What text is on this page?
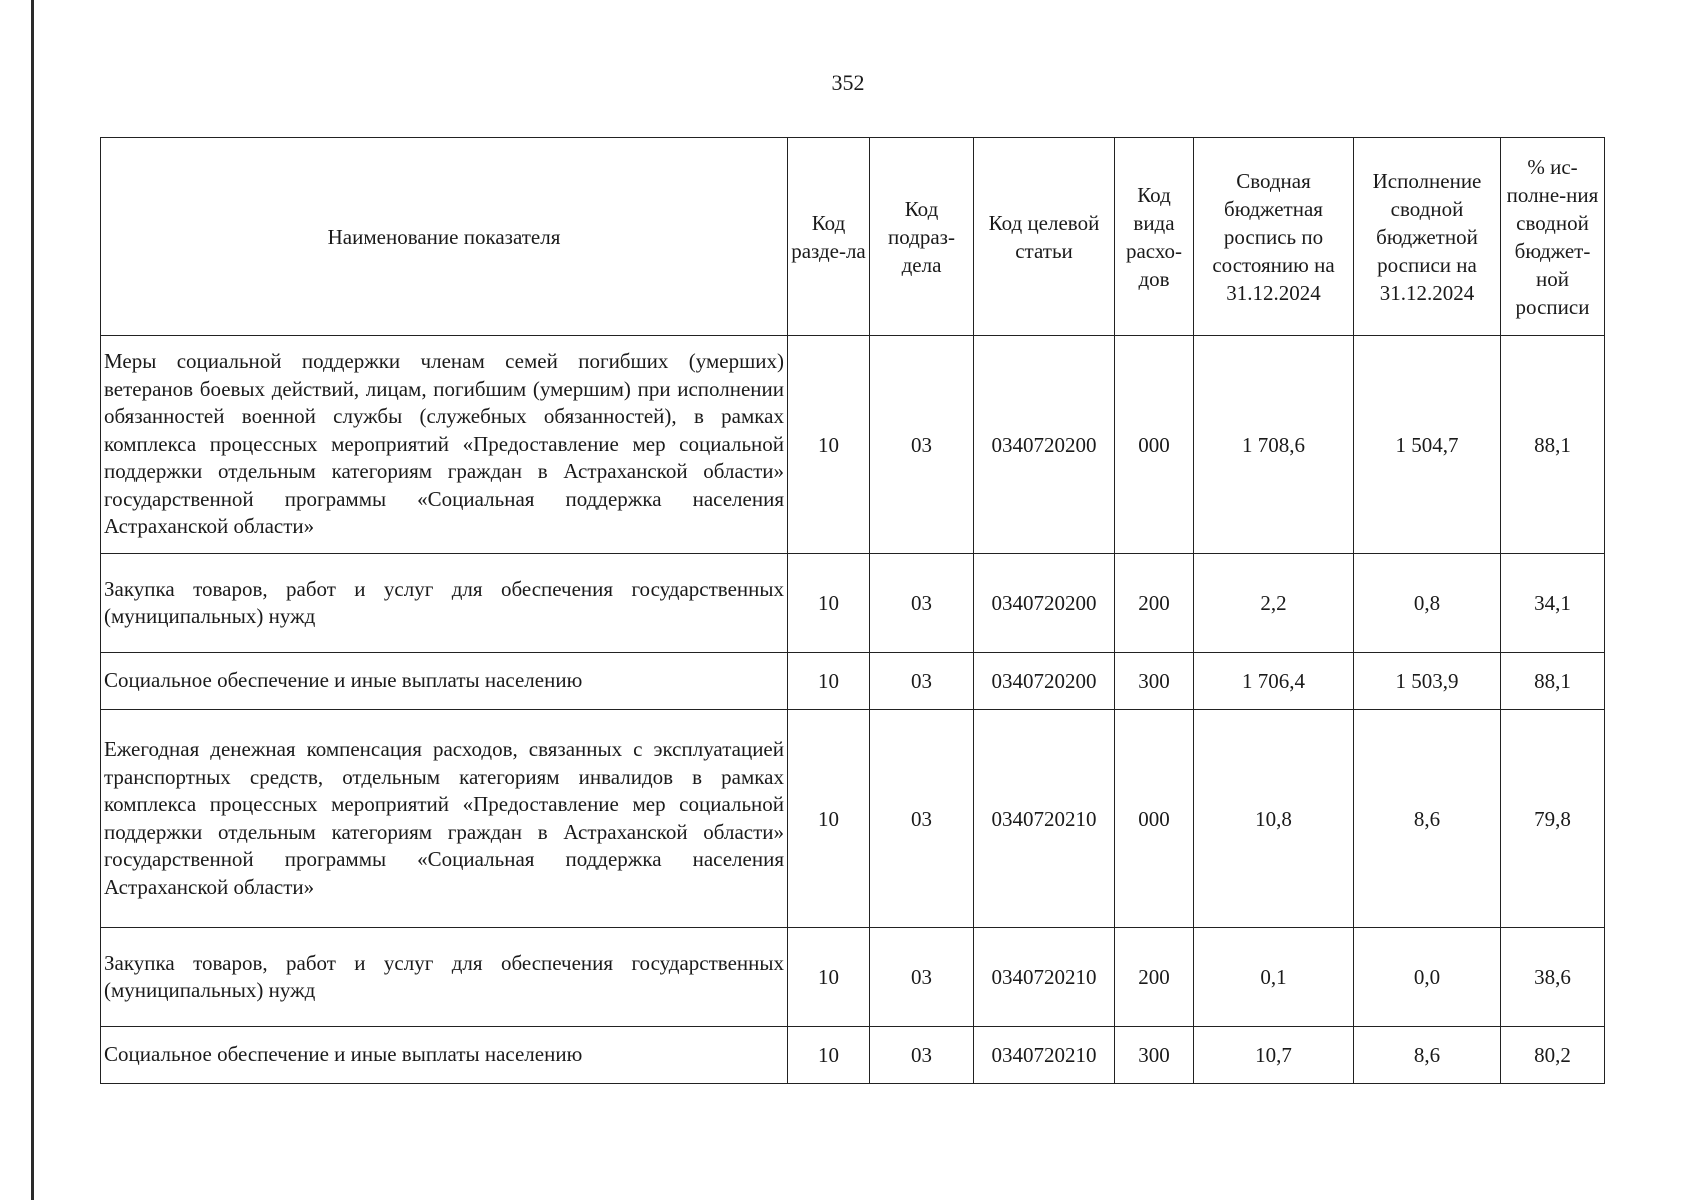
352
Наименование показателя	Код разде-ла	Код подраз-дела	Код целевой статьи	Код вида расхо-дов	Сводная бюджетная роспись по состоянию на 31.12.2024	Исполнение сводной бюджетной росписи на 31.12.2024	% ис-полне-ния сводной бюджет-ной росписи
Меры социальной поддержки членам семей погибших (умерших) ветеранов боевых действий, лицам, погибшим (умершим) при исполнении обязанностей военной службы (служебных обязанностей), в рамках комплекса процессных мероприятий «Предоставление мер социальной поддержки отдельным категориям граждан в Астраханской области» государственной программы «Социальная поддержка населения Астраханской области»	10	03	0340720200	000	1 708,6	1 504,7	88,1
Закупка товаров, работ и услуг для обеспечения государственных (муниципальных) нужд	10	03	0340720200	200	2,2	0,8	34,1
Социальное обеспечение и иные выплаты населению	10	03	0340720200	300	1 706,4	1 503,9	88,1
Ежегодная денежная компенсация расходов, связанных с эксплуатацией транспортных средств, отдельным категориям инвалидов в рамках комплекса процессных мероприятий «Предоставление мер социальной поддержки отдельным категориям граждан в Астраханской области» государственной программы «Социальная поддержка населения Астраханской области»	10	03	0340720210	000	10,8	8,6	79,8
Закупка товаров, работ и услуг для обеспечения государственных (муниципальных) нужд	10	03	0340720210	200	0,1	0,0	38,6
Социальное обеспечение и иные выплаты населению	10	03	0340720210	300	10,7	8,6	80,2
